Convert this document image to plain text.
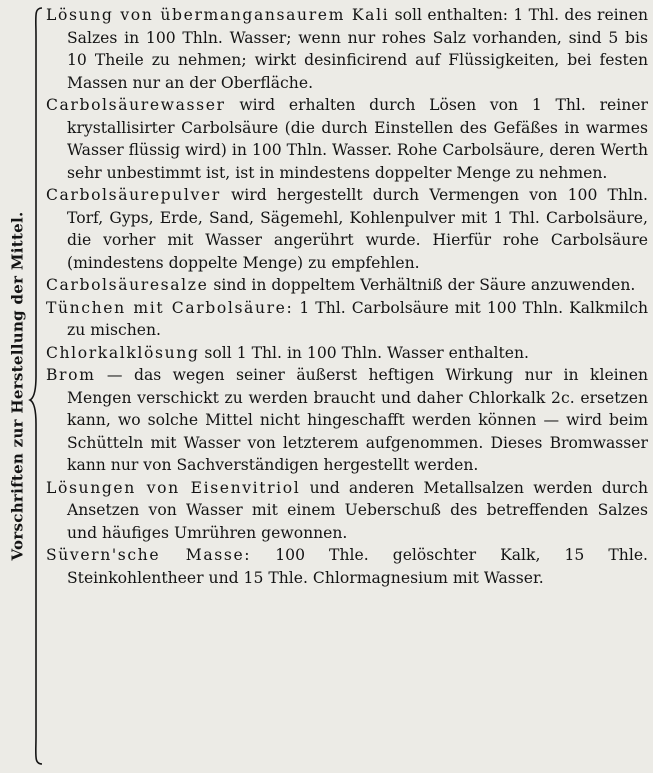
Vorschriften zur Herstellung der Mittel.

Lösung von übermangansaurem Kali soll enthalten: 1 Thl. des reinen Salzes in 100 Thln. Wasser; wenn nur rohes Salz vorhanden, sind 5 bis 10 Theile zu nehmen; wirkt desinficirend auf Flüssigkeiten, bei festen Massen nur an der Oberfläche.

Carbolsäurewasser wird erhalten durch Lösen von 1 Thl. reiner krystallisirter Carbolsäure (die durch Einstellen des Gefäßes in warmes Wasser flüssig wird) in 100 Thln. Wasser. Rohe Carbolsäure, deren Werth sehr unbestimmt ist, ist in mindestens doppelter Menge zu nehmen.

Carbolsäurepulver wird hergestellt durch Vermengen von 100 Thln. Torf, Gyps, Erde, Sand, Sägemehl, Kohlenpulver mit 1 Thl. Carbolsäure, die vorher mit Wasser angerührt wurde. Hierfür rohe Carbolsäure (mindestens doppelte Menge) zu empfehlen.

Carbolsäuresalze sind in doppeltem Verhältniß der Säure anzuwenden.

Tünchen mit Carbolsäure: 1 Thl. Carbolsäure mit 100 Thln. Kalkmilch zu mischen.

Chlorkalklösung soll 1 Thl. in 100 Thln. Wasser enthalten.

Brom — das wegen seiner äußerst heftigen Wirkung nur in kleinen Mengen verschickt zu werden braucht und daher Chlorkalk 2c. ersetzen kann, wo solche Mittel nicht hingeschafft werden können — wird beim Schütteln mit Wasser von letzterem aufgenommen. Dieses Bromwasser kann nur von Sachverständigen hergestellt werden.

Lösungen von Eisenvitriol und anderen Metallsalzen werden durch Ansetzen von Wasser mit einem Ueberschuß des betreffenden Salzes und häufiges Umrühren gewonnen.

Süvern'sche Masse: 100 Thle. gelöschter Kalk, 15 Thle. Steinkohlentheer und 15 Thle. Chlormagnesium mit Wasser.
